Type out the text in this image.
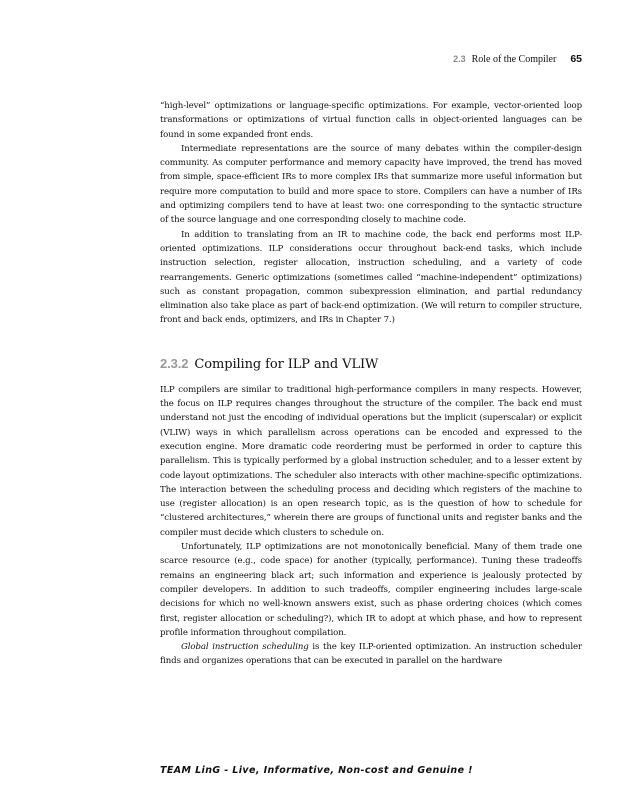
2.3 Role of the Compiler 65

“high-level” optimizations or language-specific optimizations. For example, vector-oriented loop transformations or optimizations of virtual function calls in object-oriented languages can be found in some expanded front ends.

Intermediate representations are the source of many debates within the compiler-design community. As computer performance and memory capacity have improved, the trend has moved from simple, space-efficient IRs to more complex IRs that summarize more useful information but require more computation to build and more space to store. Compilers can have a number of IRs and optimizing compilers tend to have at least two: one corresponding to the syntactic structure of the source language and one corresponding closely to machine code.

In addition to translating from an IR to machine code, the back end performs most ILP-oriented optimizations. ILP considerations occur throughout back-end tasks, which include instruction selection, register allocation, instruction scheduling, and a variety of code rearrangements. Generic optimizations (sometimes called “machine-independent” optimizations) such as constant propagation, common subexpression elimination, and partial redundancy elimination also take place as part of back-end optimization. (We will return to compiler structure, front and back ends, optimizers, and IRs in Chapter 7.)

2.3.2 Compiling for ILP and VLIW

ILP compilers are similar to traditional high-performance compilers in many respects. However, the focus on ILP requires changes throughout the structure of the compiler. The back end must understand not just the encoding of individual operations but the implicit (superscalar) or explicit (VLIW) ways in which parallelism across operations can be encoded and expressed to the execution engine. More dramatic code reordering must be performed in order to capture this parallelism. This is typically performed by a global instruction scheduler, and to a lesser extent by code layout optimizations. The scheduler also interacts with other machine-specific optimizations. The interaction between the scheduling process and deciding which registers of the machine to use (register allocation) is an open research topic, as is the question of how to schedule for “clustered architectures,” wherein there are groups of functional units and register banks and the compiler must decide which clusters to schedule on.

Unfortunately, ILP optimizations are not monotonically beneficial. Many of them trade one scarce resource (e.g., code space) for another (typically, performance). Tuning these tradeoffs remains an engineering black art; such information and experience is jealously protected by compiler developers. In addition to such tradeoffs, compiler engineering includes large-scale decisions for which no well-known answers exist, such as phase ordering choices (which comes first, register allocation or scheduling?), which IR to adopt at which phase, and how to represent profile information throughout compilation.

Global instruction scheduling is the key ILP-oriented optimization. An instruction scheduler finds and organizes operations that can be executed in parallel on the hardware

TEAM LinG - Live, Informative, Non-cost and Genuine !
